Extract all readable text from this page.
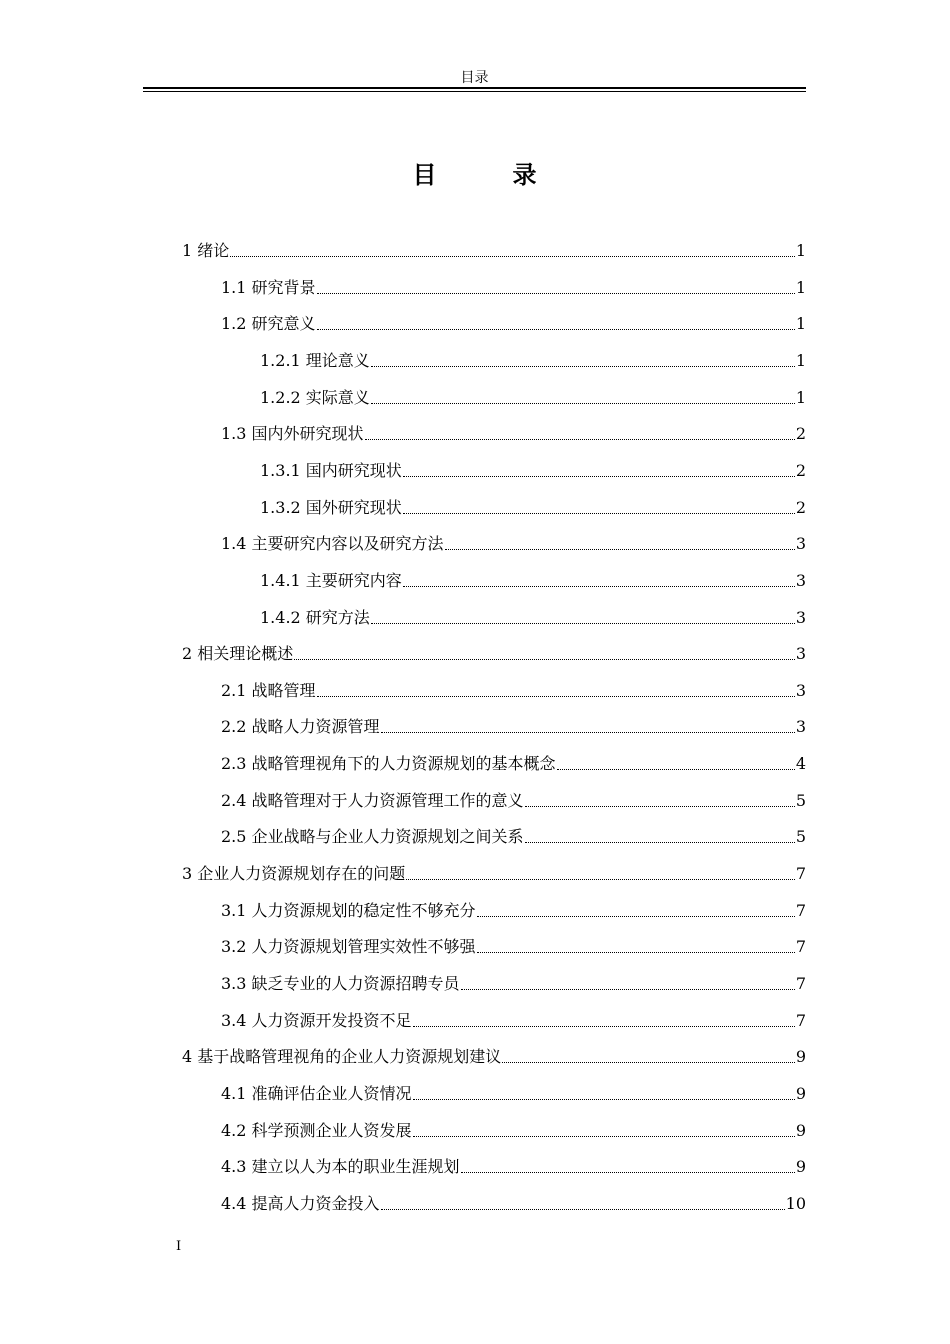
目录
目　录
1 绪论	1
1.1 研究背景	1
1.2 研究意义	1
1.2.1 理论意义	1
1.2.2 实际意义	1
1.3 国内外研究现状	2
1.3.1 国内研究现状	2
1.3.2 国外研究现状	2
1.4 主要研究内容以及研究方法	3
1.4.1 主要研究内容	3
1.4.2 研究方法	3
2 相关理论概述	3
2.1 战略管理	3
2.2 战略人力资源管理	3
2.3 战略管理视角下的人力资源规划的基本概念	4
2.4 战略管理对于人力资源管理工作的意义	5
2.5 企业战略与企业人力资源规划之间关系	5
3 企业人力资源规划存在的问题	7
3.1 人力资源规划的稳定性不够充分	7
3.2 人力资源规划管理实效性不够强	7
3.3 缺乏专业的人力资源招聘专员	7
3.4 人力资源开发投资不足	7
4 基于战略管理视角的企业人力资源规划建议	9
4.1 准确评估企业人资情况	9
4.2 科学预测企业人资发展	9
4.3 建立以人为本的职业生涯规划	9
4.4 提高人力资金投入	10
I
